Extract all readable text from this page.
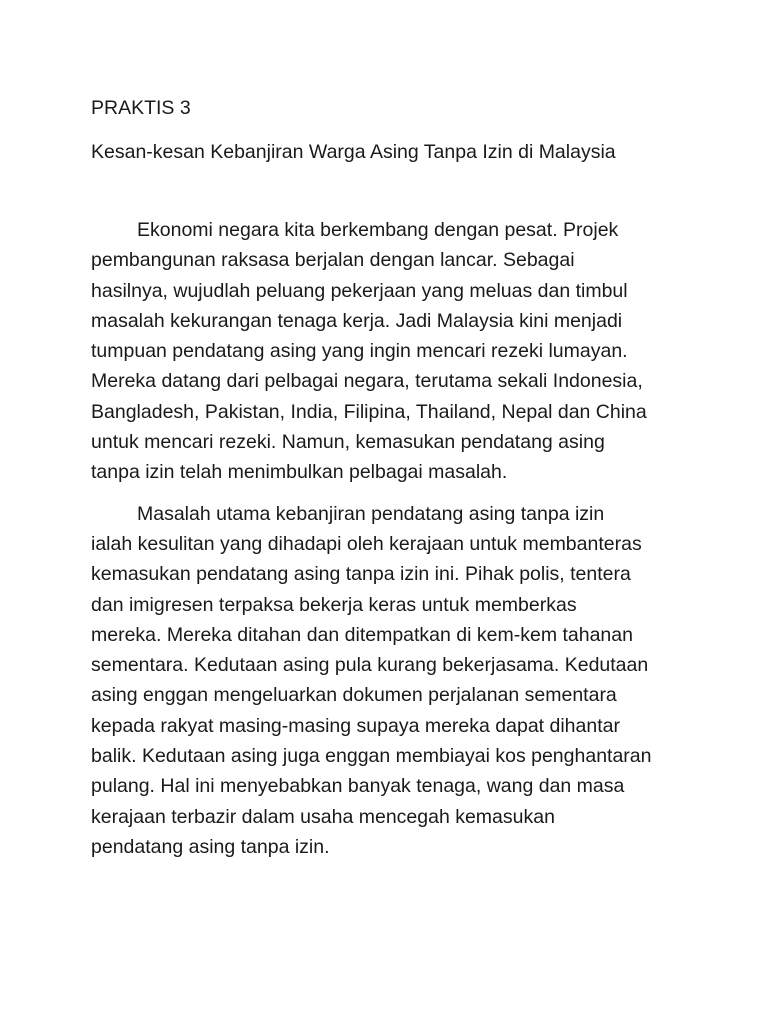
PRAKTIS 3

Kesan-kesan Kebanjiran Warga Asing Tanpa Izin di Malaysia

Ekonomi negara kita berkembang dengan pesat. Projek
pembangunan raksasa berjalan dengan lancar. Sebagai
hasilnya, wujudlah peluang pekerjaan yang meluas dan timbul
masalah kekurangan tenaga kerja. Jadi Malaysia kini menjadi
tumpuan pendatang asing yang ingin mencari rezeki lumayan.
Mereka datang dari pelbagai negara, terutama sekali Indonesia,
Bangladesh, Pakistan, India, Filipina, Thailand, Nepal dan China
untuk mencari rezeki. Namun, kemasukan pendatang asing
tanpa izin telah menimbulkan pelbagai masalah.

Masalah utama kebanjiran pendatang asing tanpa izin
ialah kesulitan yang dihadapi oleh kerajaan untuk membanteras
kemasukan pendatang asing tanpa izin ini. Pihak polis, tentera
dan imigresen terpaksa bekerja keras untuk memberkas
mereka. Mereka ditahan dan ditempatkan di kem-kem tahanan
sementara. Kedutaan asing pula kurang bekerjasama. Kedutaan
asing enggan mengeluarkan dokumen perjalanan sementara
kepada rakyat masing-masing supaya mereka dapat dihantar
balik. Kedutaan asing juga enggan membiayai kos penghantaran
pulang. Hal ini menyebabkan banyak tenaga, wang dan masa
kerajaan terbazir dalam usaha mencegah kemasukan
pendatang asing tanpa izin.
